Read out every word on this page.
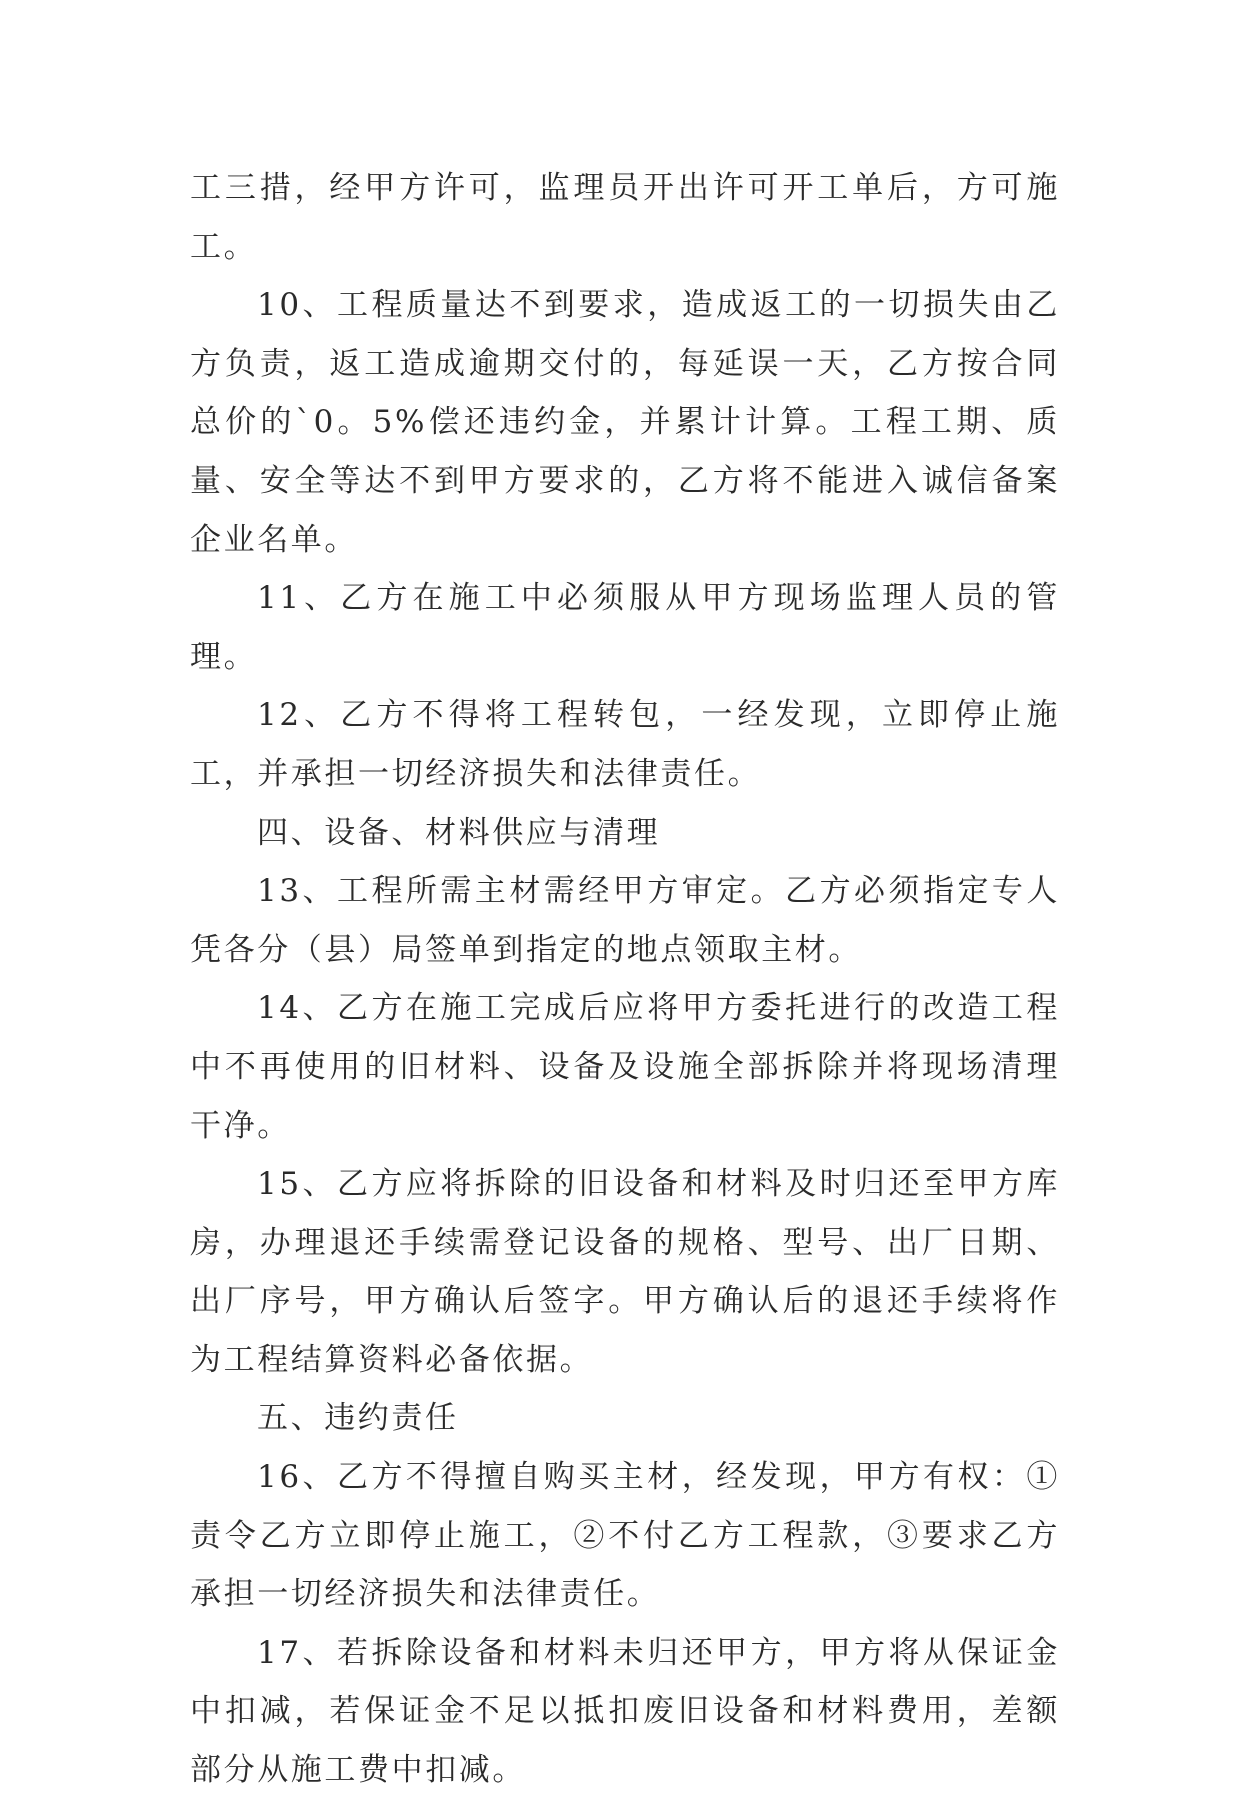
工三措，经甲方许可，监理员开出许可开工单后，方可施工。

10、工程质量达不到要求，造成返工的一切损失由乙方负责，返工造成逾期交付的，每延误一天，乙方按合同总价的`0。5%偿还违约金，并累计计算。工程工期、质量、安全等达不到甲方要求的，乙方将不能进入诚信备案企业名单。

11、乙方在施工中必须服从甲方现场监理人员的管理。

12、乙方不得将工程转包，一经发现，立即停止施工，并承担一切经济损失和法律责任。

四、设备、材料供应与清理

13、工程所需主材需经甲方审定。乙方必须指定专人凭各分（县）局签单到指定的地点领取主材。

14、乙方在施工完成后应将甲方委托进行的改造工程中不再使用的旧材料、设备及设施全部拆除并将现场清理干净。

15、乙方应将拆除的旧设备和材料及时归还至甲方库房，办理退还手续需登记设备的规格、型号、出厂日期、出厂序号，甲方确认后签字。甲方确认后的退还手续将作为工程结算资料必备依据。

五、违约责任

16、乙方不得擅自购买主材，经发现，甲方有权：①责令乙方立即停止施工，②不付乙方工程款，③要求乙方承担一切经济损失和法律责任。

17、若拆除设备和材料未归还甲方，甲方将从保证金中扣减，若保证金不足以抵扣废旧设备和材料费用，差额部分从施工费中扣减。
